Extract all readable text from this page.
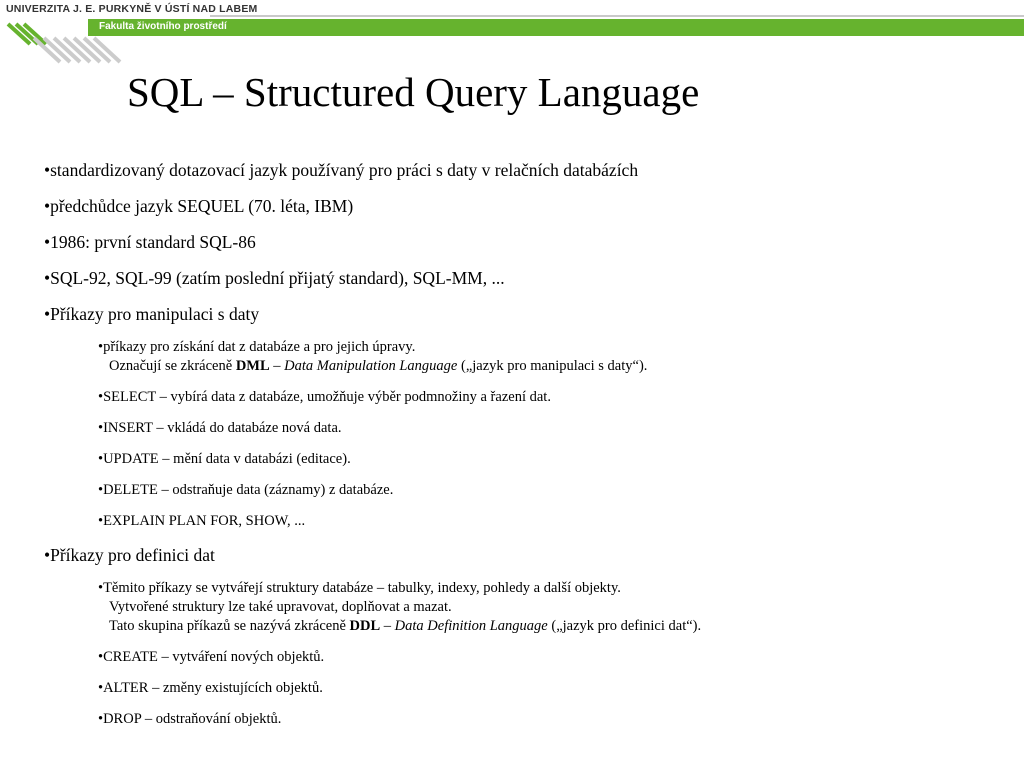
UNIVERZITA J. E. PURKYNĚ V ÚSTÍ NAD LABEM
Fakulta životního prostředí
SQL – Structured Query Language

•standardizovaný dotazovací jazyk používaný pro práci s daty v relačních databázích

•předchůdce jazyk SEQUEL (70. léta, IBM)

•1986: první standard SQL-86

•SQL-92, SQL-99 (zatím poslední přijatý standard), SQL-MM, ...

•Příkazy pro manipulaci s daty

•příkazy pro získání dat z databáze a pro jejich úpravy.
Označují se zkráceně DML – Data Manipulation Language („jazyk pro manipulaci s daty“).

•SELECT – vybírá data z databáze, umožňuje výběr podmnožiny a řazení dat.

•INSERT – vkládá do databáze nová data.

•UPDATE – mění data v databázi (editace).

•DELETE – odstraňuje data (záznamy) z databáze.

•EXPLAIN PLAN FOR, SHOW, ...

•Příkazy pro definici dat

•Těmito příkazy se vytvářejí struktury databáze – tabulky, indexy, pohledy a další objekty.
Vytvořené struktury lze také upravovat, doplňovat a mazat.
Tato skupina příkazů se nazývá zkráceně DDL – Data Definition Language („jazyk pro definici dat“).

•CREATE – vytváření nových objektů.

•ALTER – změny existujících objektů.

•DROP – odstraňování objektů.
